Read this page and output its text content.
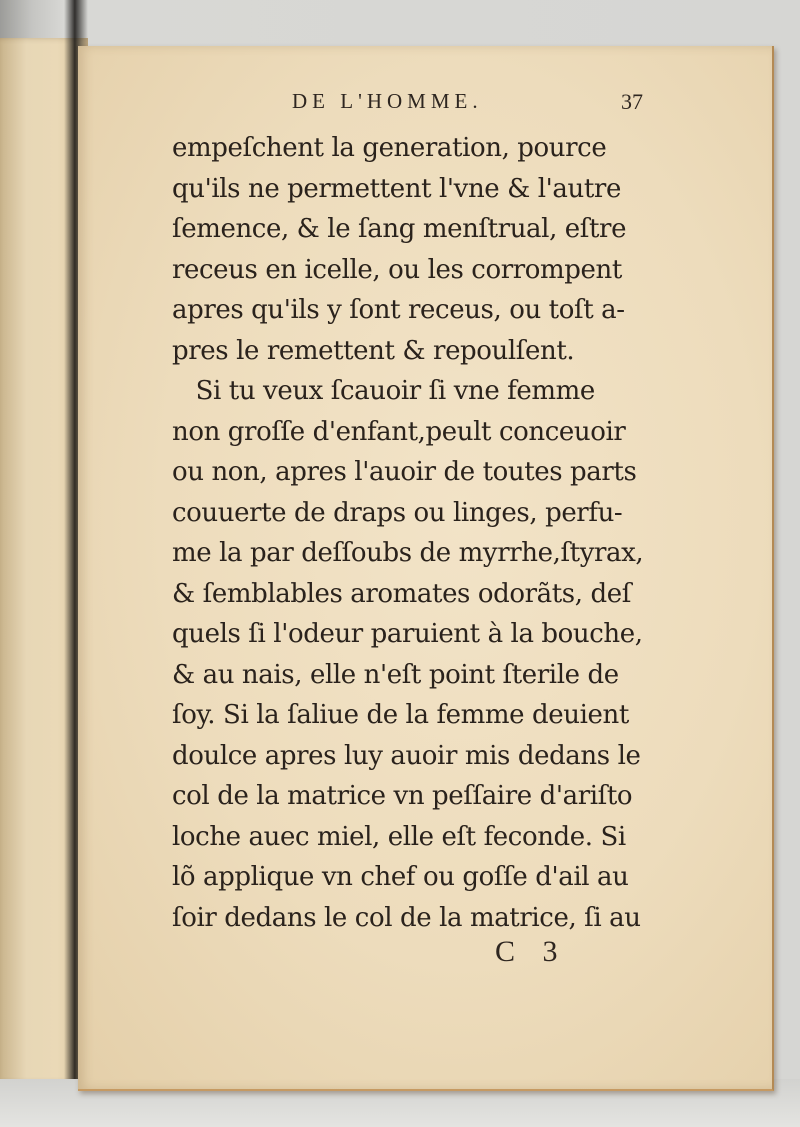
DE L'HOMME.	37
empeſchent la generation, pource
qu'ils ne permettent l'vne & l'autre
ſemence, & le ſang menſtrual, eſtre
receus en icelle, ou les corrompent
apres qu'ils y ſont receus, ou toſt a-
pres le remettent & repoulſent.
Si tu veux ſcauoir ſi vne femme
non groſſe d'enfant,peult conceuoir
ou non, apres l'auoir de toutes parts
couuerte de draps ou linges, perfu-
me la par deſſoubs de myrrhe,ſtyrax,
& ſemblables aromates odorãts, deſ
quels ſi l'odeur paruient à la bouche,
& au nais, elle n'eſt point ſterile de
ſoy. Si la ſaliue de la femme deuient
doulce apres luy auoir mis dedans le
col de la matrice vn peſſaire d'ariſto
loche auec miel, elle eſt feconde. Si
lõ applique vn chef ou goſſe d'ail au
ſoir dedans le col de la matrice, ſi au
C 3
